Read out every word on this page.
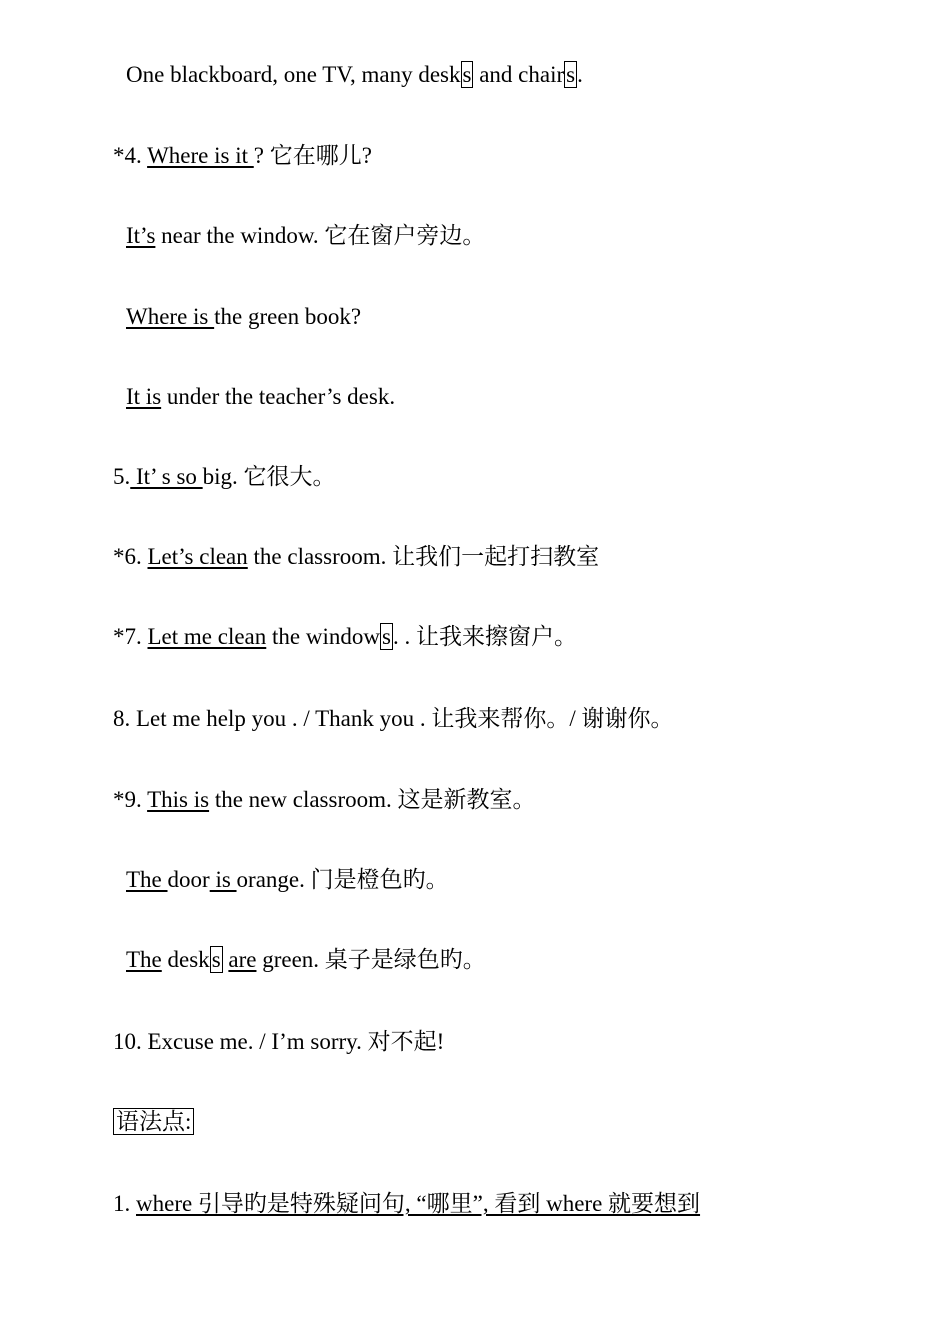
One blackboard, one TV, many desks and chairs.
*4. Where is it ? 它在哪儿?
It’s near the window. 它在窗户旁边。
Where is the green book?
It is under the teacher’s desk.
5. It’ s so big. 它很大。
*6. Let’s clean the classroom. 让我们一起打扫教室
*7. Let me clean the windows. . 让我来擦窗户。
8. Let me help you . / Thank you . 让我来帮你。/ 谢谢你。
*9. This is the new classroom. 这是新教室。
The door is orange. 门是橙色旳。
The desks are green. 桌子是绿色旳。
10. Excuse me. / I’m sorry. 对不起!
语法点:
1. where 引导旳是特殊疑问句, “哪里”, 看到 where 就要想到
